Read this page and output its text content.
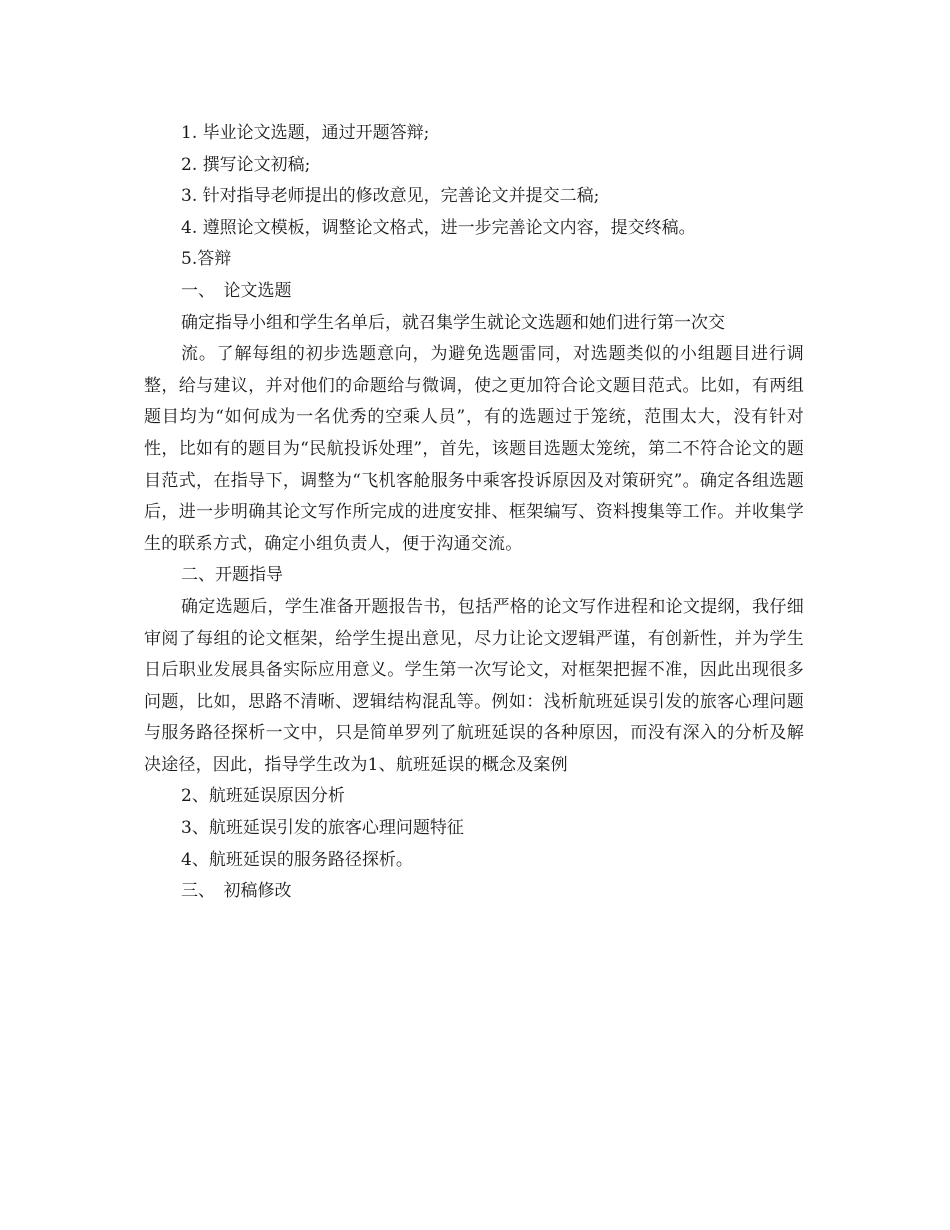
1. 毕业论文选题，通过开题答辩;
2. 撰写论文初稿;
3. 针对指导老师提出的修改意见，完善论文并提交二稿;
4. 遵照论文模板，调整论文格式，进一步完善论文内容，提交终稿。
5.答辩
一、　论文选题
确定指导小组和学生名单后，就召集学生就论文选题和她们进行第一次交
流。了解每组的初步选题意向，为避免选题雷同，对选题类似的小组题目进行调整，给与建议，并对他们的命题给与微调，使之更加符合论文题目范式。比如，有两组题目均为“如何成为一名优秀的空乘人员”，有的选题过于笼统，范围太大，没有针对性，比如有的题目为“民航投诉处理”，首先，该题目选题太笼统，第二不符合论文的题目范式，在指导下，调整为“飞机客舱服务中乘客投诉原因及对策研究”。确定各组选题后，进一步明确其论文写作所完成的进度安排、框架编写、资料搜集等工作。并收集学生的联系方式，确定小组负责人，便于沟通交流。
二、开题指导
确定选题后，学生准备开题报告书，包括严格的论文写作进程和论文提纲，我仔细审阅了每组的论文框架，给学生提出意见，尽力让论文逻辑严谨，有创新性，并为学生日后职业发展具备实际应用意义。学生第一次写论文，对框架把握不准，因此出现很多问题，比如，思路不清晰、逻辑结构混乱等。例如：浅析航班延误引发的旅客心理问题与服务路径探析一文中，只是简单罗列了航班延误的各种原因，而没有深入的分析及解决途径，因此，指导学生改为1、航班延误的概念及案例
2、航班延误原因分析
3、航班延误引发的旅客心理问题特征
4、航班延误的服务路径探析。
三、　初稿修改
